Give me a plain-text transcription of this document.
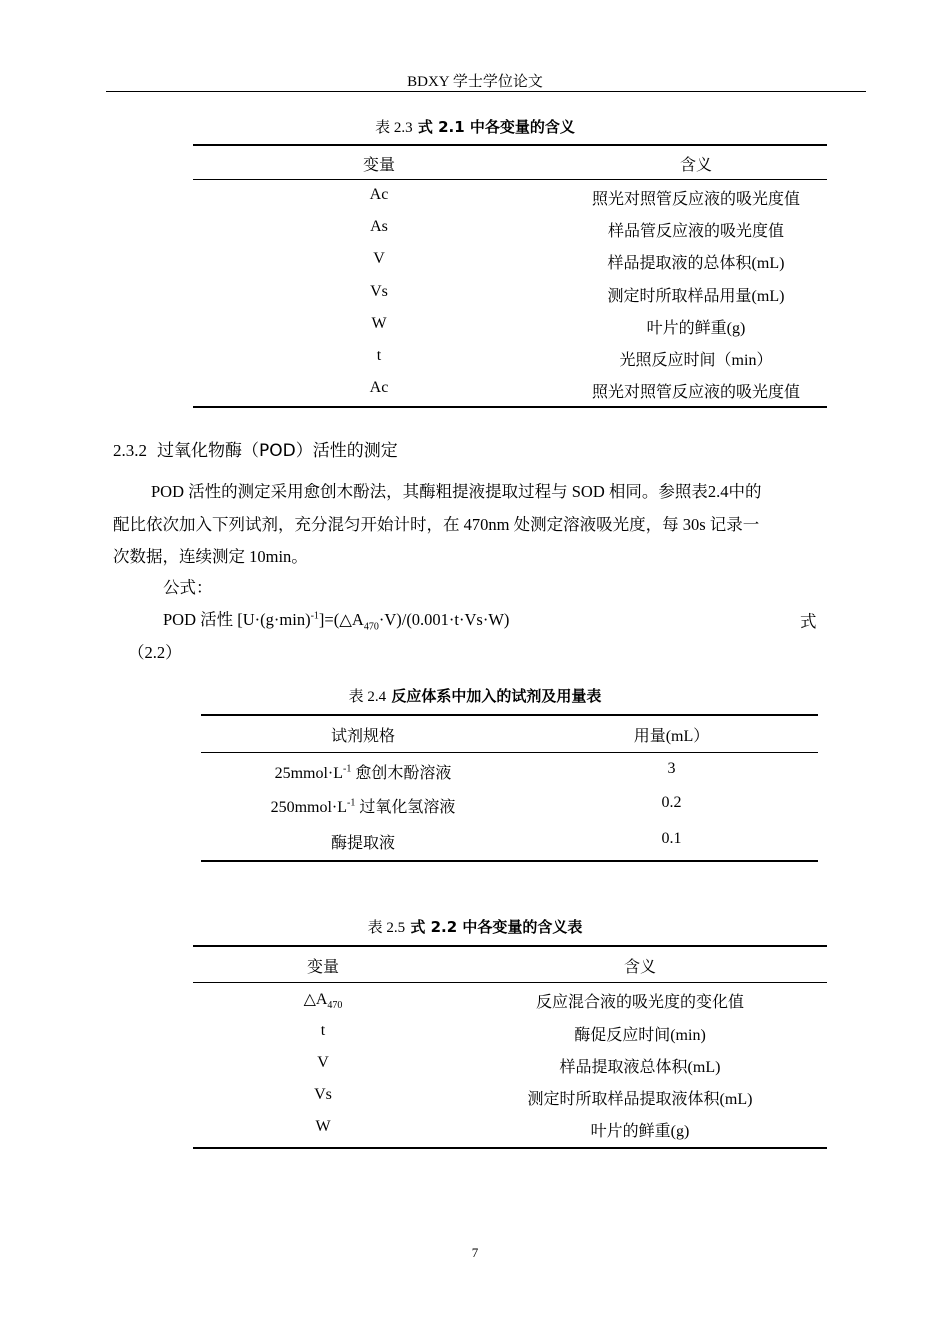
BDXY 学士学位论文
表 2.3 式 2.1 中各变量的含义
变量	含义
Ac	照光对照管反应液的吸光度值
As	样品管反应液的吸光度值
V	样品提取液的总体积(mL)
Vs	测定时所取样品用量(mL)
W	叶片的鲜重(g)
t	光照反应时间（min）
Ac	照光对照管反应液的吸光度值
2.3.2 过氧化物酶（POD）活性的测定
POD 活性的测定采用愈创木酚法，其酶粗提液提取过程与 SOD 相同。参照表2.4中的
配比依次加入下列试剂，充分混匀开始计时，在 470nm 处测定溶液吸光度，每 30s 记录一
次数据，连续测定 10min。
公式：
POD 活性 $[U\cdot(g\cdot\min)^{-1}]=(\triangle A_{470}\cdot V)/(0.001\cdot t\cdot Vs\cdot W)$	式
（2.2）
表 2.4 反应体系中加入的试剂及用量表
试剂规格	用量(mL）
$25mmol\cdot L^{-1}$ 愈创木酚溶液	3
$250mmol\cdot L^{-1}$ 过氧化氢溶液	0.2
酶提取液	0.1
表 2.5 式 2.2 中各变量的含义表
变量	含义
$\triangle A_{470}$	反应混合液的吸光度的变化值
t	酶促反应时间(min)
V	样品提取液总体积(mL)
Vs	测定时所取样品提取液体积(mL)
W	叶片的鲜重(g)
7
